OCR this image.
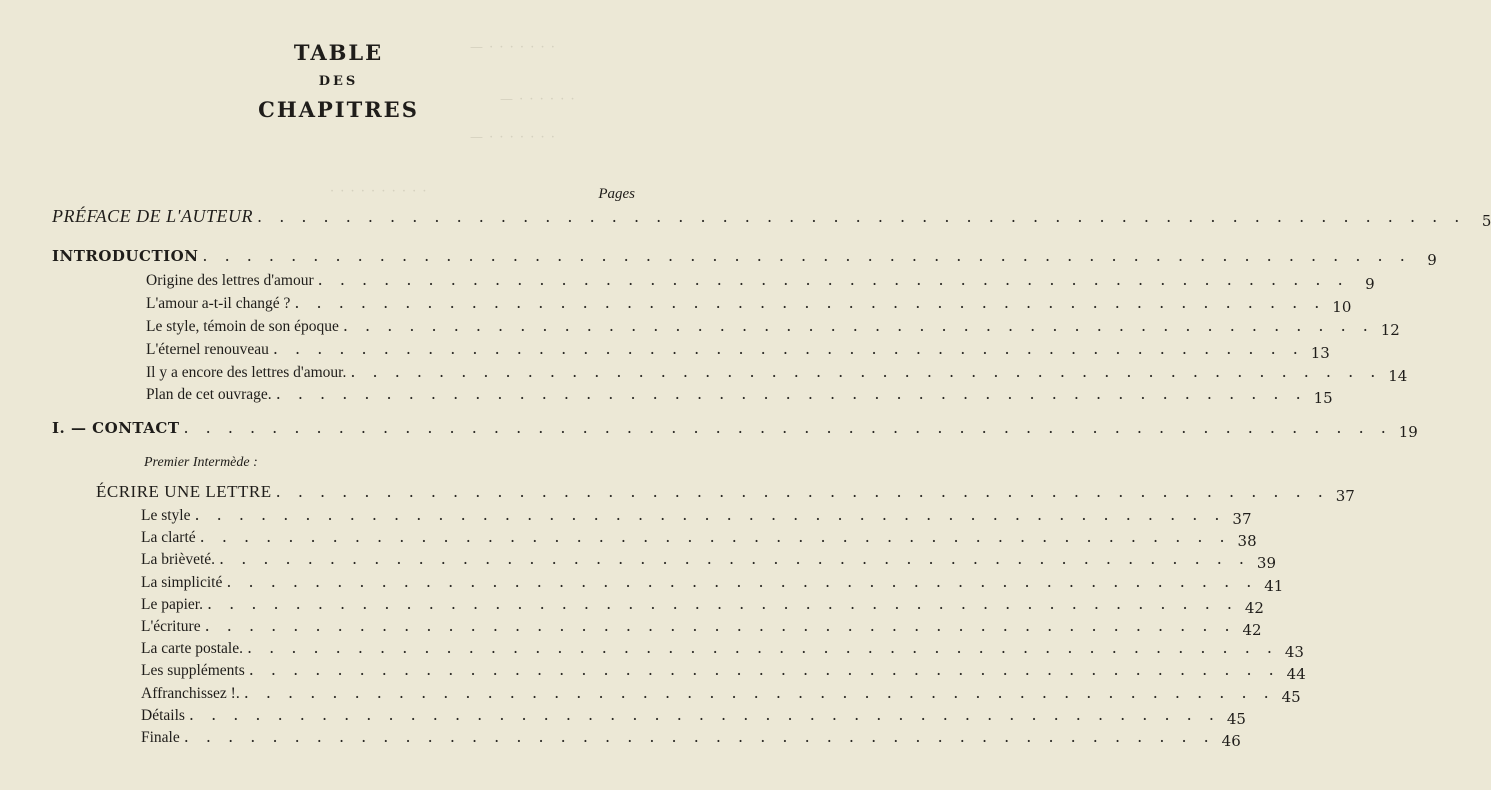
— · · · · · · ·
— · · · · · ·
— · · · · · · ·
· · · · · · · · · ·
TABLE
DES
CHAPITRES
Pages
PRÉFACE DE L'AUTEUR . . . . . . . . . . . . . . . . . . . . . . . . . . . . . . . . . . . . . . . . . . . . . . . . . . . . . . .	5
INTRODUCTION . . . . . . . . . . . . . . . . . . . . . . . . . . . . . . . . . . . . . . . . . . . . . . . . . . . . . . .	9
Origine des lettres d'amour . . . . . . . . . . . . . . . . . . . . . . . . . . . . . . . . . . . . . . . . . . . . . . .	9
L'amour a-t-il changé ? . . . . . . . . . . . . . . . . . . . . . . . . . . . . . . . . . . . . . . . . . . . . . . . 10
Le style, témoin de son époque . . . . . . . . . . . . . . . . . . . . . . . . . . . . . . . . . . . . . . . . . . . . . . . 12
L'éternel renouveau . . . . . . . . . . . . . . . . . . . . . . . . . . . . . . . . . . . . . . . . . . . . . . . 13
Il y a encore des lettres d'amour. . . . . . . . . . . . . . . . . . . . . . . . . . . . . . . . . . . . . . . . . . . . . . . . 14
Plan de cet ouvrage. . . . . . . . . . . . . . . . . . . . . . . . . . . . . . . . . . . . . . . . . . . . . . . . 15
I. — CONTACT . . . . . . . . . . . . . . . . . . . . . . . . . . . . . . . . . . . . . . . . . . . . . . . . . . . . . . . 19
Premier Intermède :
ÉCRIRE UNE LETTRE . . . . . . . . . . . . . . . . . . . . . . . . . . . . . . . . . . . . . . . . . . . . . . . . 37
Le style . . . . . . . . . . . . . . . . . . . . . . . . . . . . . . . . . . . . . . . . . . . . . . . 37
La clarté . . . . . . . . . . . . . . . . . . . . . . . . . . . . . . . . . . . . . . . . . . . . . . . 38
La brièveté. . . . . . . . . . . . . . . . . . . . . . . . . . . . . . . . . . . . . . . . . . . . . . . . 39
La simplicité . . . . . . . . . . . . . . . . . . . . . . . . . . . . . . . . . . . . . . . . . . . . . . . 41
Le papier. . . . . . . . . . . . . . . . . . . . . . . . . . . . . . . . . . . . . . . . . . . . . . . . 42
L'écriture . . . . . . . . . . . . . . . . . . . . . . . . . . . . . . . . . . . . . . . . . . . . . . . 42
La carte postale. . . . . . . . . . . . . . . . . . . . . . . . . . . . . . . . . . . . . . . . . . . . . . . . 43
Les suppléments . . . . . . . . . . . . . . . . . . . . . . . . . . . . . . . . . . . . . . . . . . . . . . . 44
Affranchissez !. . . . . . . . . . . . . . . . . . . . . . . . . . . . . . . . . . . . . . . . . . . . . . . . 45
Détails . . . . . . . . . . . . . . . . . . . . . . . . . . . . . . . . . . . . . . . . . . . . . . . 45
Finale . . . . . . . . . . . . . . . . . . . . . . . . . . . . . . . . . . . . . . . . . . . . . . . 46
